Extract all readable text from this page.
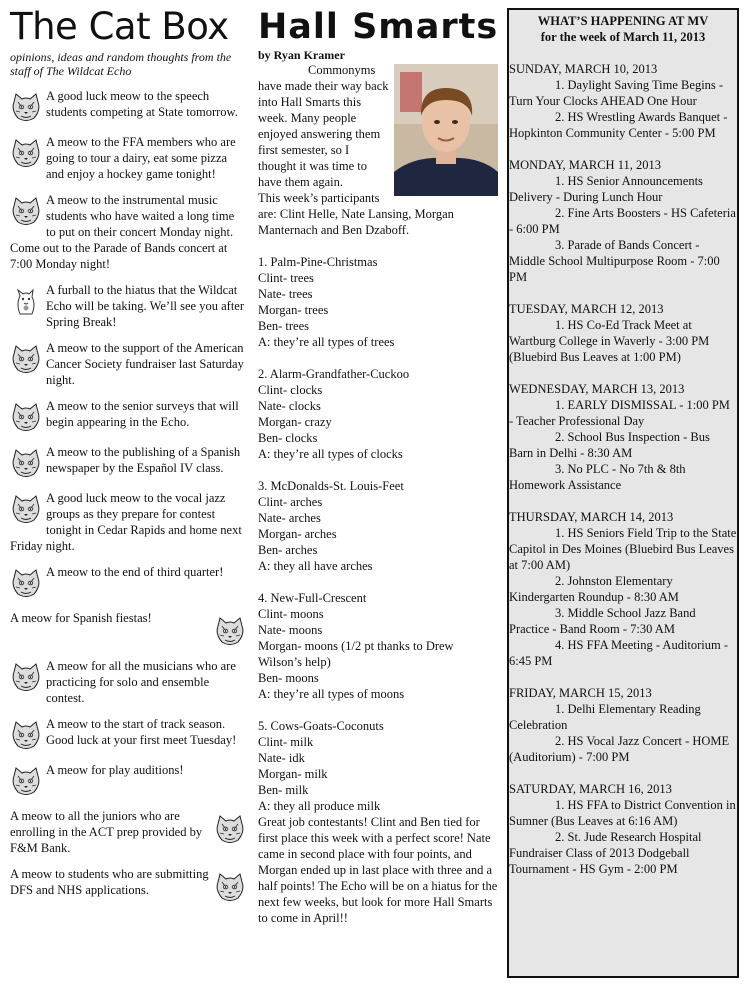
The Cat Box
opinions, ideas and random thoughts from the staff of The Wildcat Echo

A good luck meow to the speech students competing at State tomorrow.

A meow to the FFA members who are going to tour a dairy, eat some pizza and enjoy a hockey game tonight!

A meow to the instrumental music students who have waited a long time to put on their concert Monday night. Come out to the Parade of Bands concert at 7:00 Monday night!

A furball to the hiatus that the Wildcat Echo will be taking. We’ll see you after Spring Break!

A meow to the support of the American Cancer Society fundraiser last Saturday night.

A meow to the senior surveys that will begin appearing in the Echo.

A meow to the publishing of a Spanish newspaper by the Español IV class.

A good luck meow to the vocal jazz groups as they prepare for contest tonight in Cedar Rapids and home next Friday night.

A meow to the end of third quarter!

A meow for Spanish fiestas!

A meow for all the musicians who are practicing for solo and ensemble contest.

A meow to the start of track season. Good luck at your first meet Tuesday!

A meow for play auditions!

A meow to all the juniors who are enrolling in the ACT prep provided by F&M Bank.

A meow to students who are submitting DFS and NHS applications.

Hall Smarts
by Ryan Kramer

Commonyms have made their way back into Hall Smarts this week. Many people enjoyed answering them first semester, so I thought it was time to have them again.

This week’s participants are: Clint Helle, Nate Lansing, Morgan Manternach and Ben Dzaboff.

1. Palm-Pine-Christmas
Clint- trees
Nate- trees
Morgan- trees
Ben- trees
A: they’re all types of trees
2. Alarm-Grandfather-Cuckoo
Clint- clocks
Nate- clocks
Morgan- crazy
Ben- clocks
A: they’re all types of clocks
3. McDonalds-St. Louis-Feet
Clint- arches
Nate- arches
Morgan- arches
Ben- arches
A: they all have arches
4. New-Full-Crescent
Clint- moons
Nate- moons
Morgan- moons (1/2 pt thanks to Drew Wilson’s help)
Ben- moons
A: they’re all types of moons
5. Cows-Goats-Coconuts
Clint- milk
Nate- idk
Morgan- milk
Ben- milk
A: they all produce milk

Great job contestants! Clint and Ben tied for first place this week with a perfect score! Nate came in second place with four points, and Morgan ended up in last place with three and a half points! The Echo will be on a hiatus for the next few weeks, but look for more Hall Smarts to come in April!!

WHAT’S HAPPENING AT MV
for the week of March 11, 2013

SUNDAY, MARCH 10, 2013

1. Daylight Saving Time Begins - Turn Your Clocks AHEAD One Hour

2. HS Wrestling Awards Banquet - Hopkinton Community Center - 5:00 PM

MONDAY, MARCH 11, 2013

1. HS Senior Announcements Delivery - During Lunch Hour

2. Fine Arts Boosters - HS Cafeteria - 6:00 PM

3. Parade of Bands Concert - Middle School Multipurpose Room - 7:00 PM

TUESDAY, MARCH 12, 2013

1. HS Co-Ed Track Meet at Wartburg College in Waverly - 3:00 PM (Bluebird Bus Leaves at 1:00 PM)

WEDNESDAY, MARCH 13, 2013

1. EARLY DISMISSAL - 1:00 PM - Teacher Professional Day

2. School Bus Inspection - Bus Barn in Delhi - 8:30 AM

3. No PLC - No 7th & 8th Homework Assistance

THURSDAY, MARCH 14, 2013

1. HS Seniors Field Trip to the State Capitol in Des Moines (Bluebird Bus Leaves at 7:00 AM)

2. Johnston Elementary Kindergarten Roundup - 8:30 AM

3. Middle School Jazz Band Practice - Band Room - 7:30 AM

4. HS FFA Meeting - Auditorium - 6:45 PM

FRIDAY, MARCH 15, 2013

1. Delhi Elementary Reading Celebration

2. HS Vocal Jazz Concert - HOME (Auditorium) - 7:00 PM

SATURDAY, MARCH 16, 2013

1. HS FFA to District Convention in Sumner (Bus Leaves at 6:16 AM)

2. St. Jude Research Hospital Fundraiser Class of 2013 Dodgeball Tournament - HS Gym - 2:00 PM
